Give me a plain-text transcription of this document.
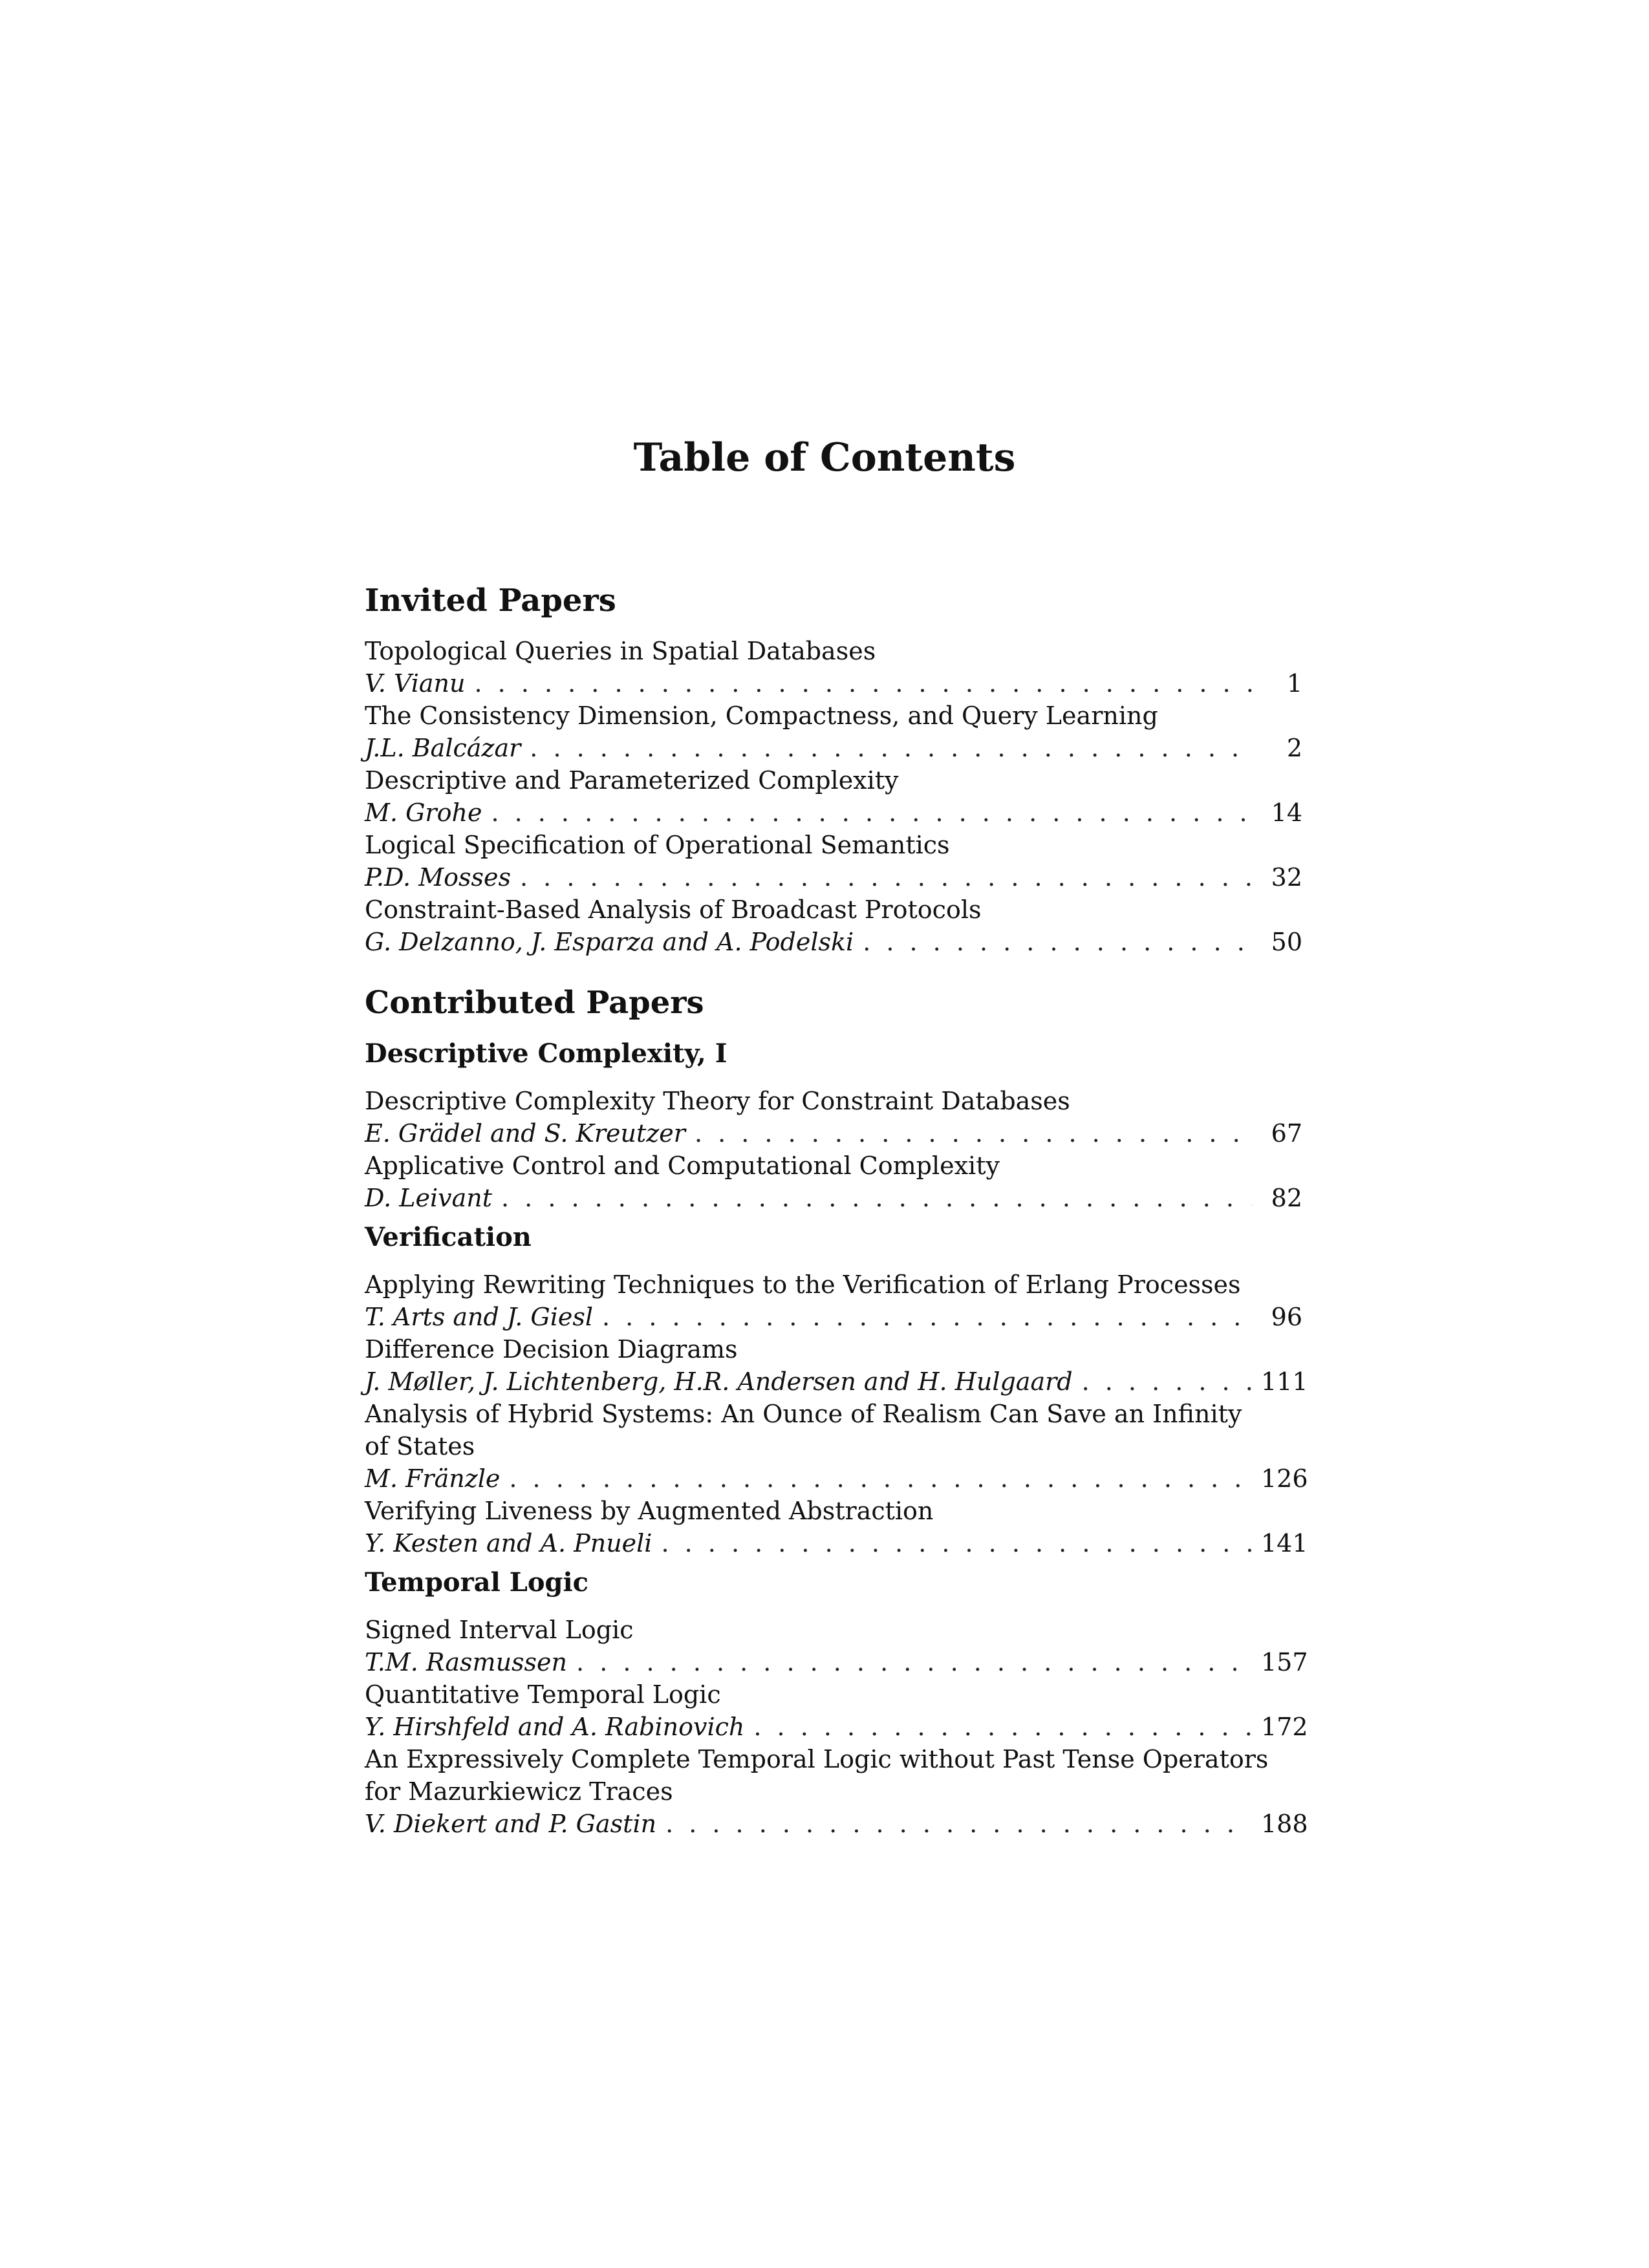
Table of Contents
Invited Papers
Topological Queries in Spatial Databases
V. Vianu . . .	1
The Consistency Dimension, Compactness, and Query Learning
J.L. Balcázar . . .	2
Descriptive and Parameterized Complexity
M. Grohe . . .	14
Logical Specification of Operational Semantics
P.D. Mosses . . .	32
Constraint-Based Analysis of Broadcast Protocols
G. Delzanno, J. Esparza and A. Podelski . . .	50
Contributed Papers
Descriptive Complexity, I
Descriptive Complexity Theory for Constraint Databases
E. Grädel and S. Kreutzer . . .	67
Applicative Control and Computational Complexity
D. Leivant . . .	82
Verification
Applying Rewriting Techniques to the Verification of Erlang Processes
T. Arts and J. Giesl . . .	96
Difference Decision Diagrams
J. Møller, J. Lichtenberg, H.R. Andersen and H. Hulgaard . . .	111
Analysis of Hybrid Systems: An Ounce of Realism Can Save an Infinity
of States
M. Fränzle . . .	126
Verifying Liveness by Augmented Abstraction
Y. Kesten and A. Pnueli . . .	141
Temporal Logic
Signed Interval Logic
T.M. Rasmussen . . .	157
Quantitative Temporal Logic
Y. Hirshfeld and A. Rabinovich . . .	172
An Expressively Complete Temporal Logic without Past Tense Operators
for Mazurkiewicz Traces
V. Diekert and P. Gastin . . .	188
